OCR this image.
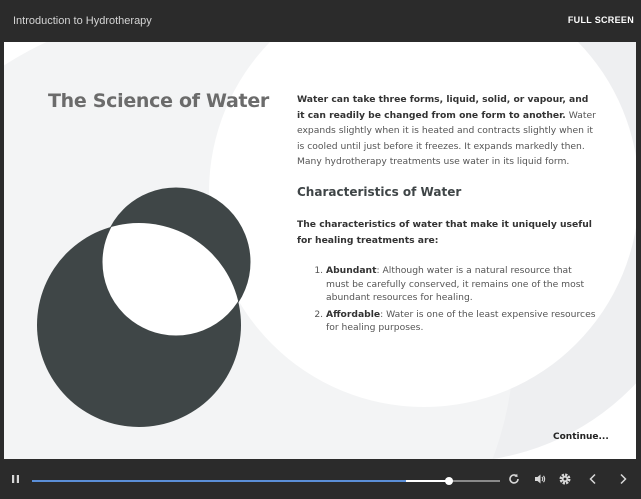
Introduction to Hydrotherapy	FULL SCREEN
The Science of Water	Water can take three forms, liquid, solid, or vapour, and it can readily be changed from one form to another. Water expands slightly when it is heated and contracts slightly when it is cooled until just before it freezes. It expands markedly then. Many hydrotherapy treatments use water in its liquid form.

Characteristics of Water

The characteristics of water that make it uniquely useful for healing treatments are:

1. Abundant: Although water is a natural resource that must be carefully conserved, it remains one of the most abundant resources for healing.
2. Affordable: Water is one of the least expensive resources for healing purposes.
Continue...
